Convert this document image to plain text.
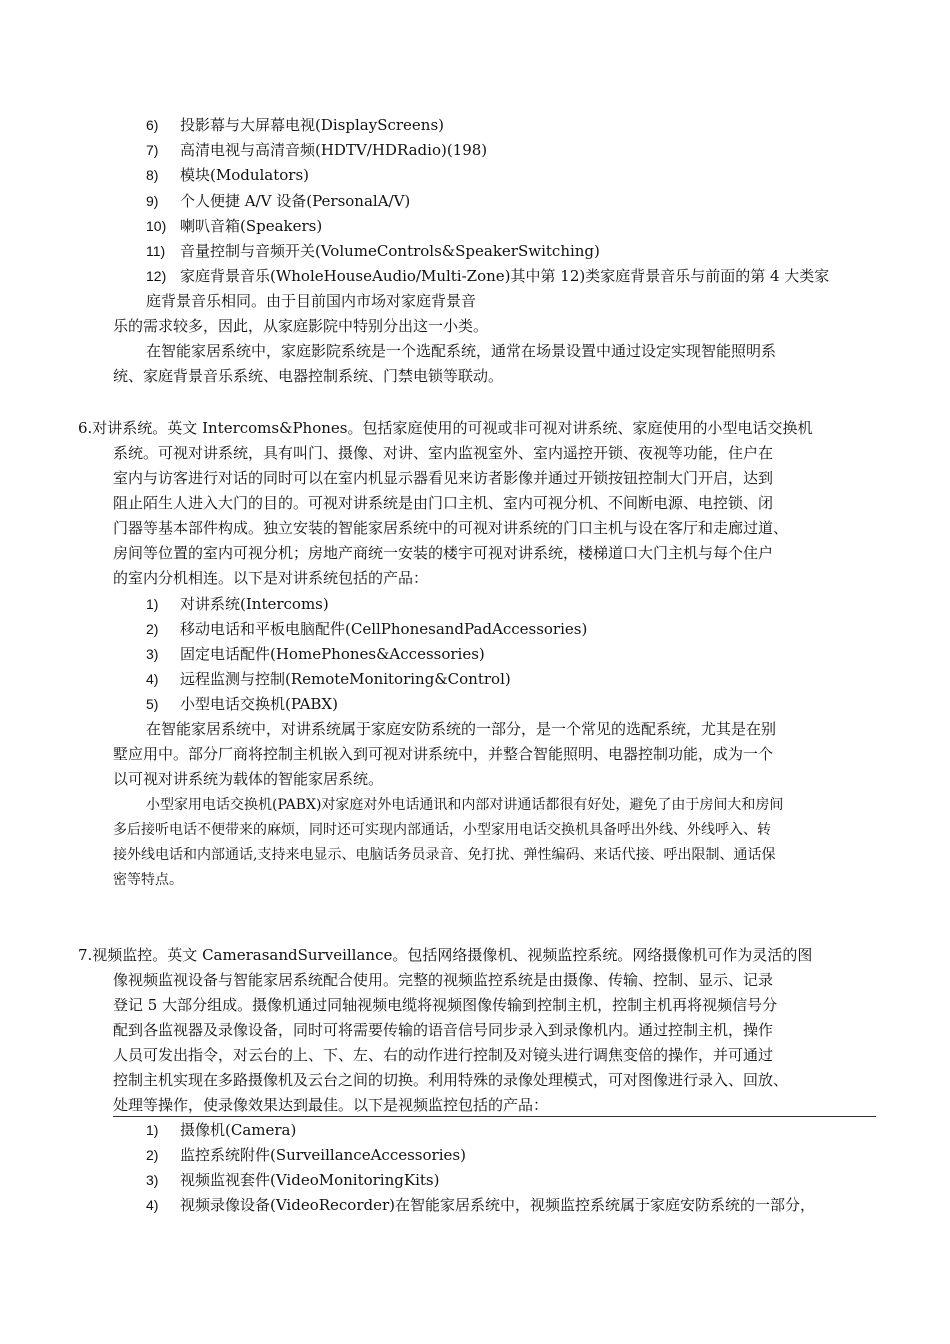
6) 投影幕与大屏幕电视(DisplayScreens)
7) 高清电视与高清音频(HDTV/HDRadio)(198)
8) 模块(Modulators)
9) 个人便捷 A/V 设备(PersonalA/V)
10) 喇叭音箱(Speakers)
11) 音量控制与音频开关(VolumeControls&SpeakerSwitching)
12) 家庭背景音乐(WholeHouseAudio/Multi-Zone)其中第 12)类家庭背景音乐与前面的第 4 大类家
庭背景音乐相同。由于目前国内市场对家庭背景音
乐的需求较多，因此，从家庭影院中特别分出这一小类。
在智能家居系统中，家庭影院系统是一个选配系统，通常在场景设置中通过设定实现智能照明系
统、家庭背景音乐系统、电器控制系统、门禁电锁等联动。
6.对讲系统。英文 Intercoms&Phones。包括家庭使用的可视或非可视对讲系统、家庭使用的小型电话交换机
系统。可视对讲系统，具有叫门、摄像、对讲、室内监视室外、室内遥控开锁、夜视等功能，住户在
室内与访客进行对话的同时可以在室内机显示器看见来访者影像并通过开锁按钮控制大门开启，达到
阻止陌生人进入大门的目的。可视对讲系统是由门口主机、室内可视分机、不间断电源、电控锁、闭
门器等基本部件构成。独立安装的智能家居系统中的可视对讲系统的门口主机与设在客厅和走廊过道、
房间等位置的室内可视分机；房地产商统一安装的楼宇可视对讲系统，楼梯道口大门主机与每个住户
的室内分机相连。以下是对讲系统包括的产品：
1) 对讲系统(Intercoms)
2) 移动电话和平板电脑配件(CellPhonesandPadAccessories)
3) 固定电话配件(HomePhones&Accessories)
4) 远程监测与控制(RemoteMonitoring&Control)
5) 小型电话交换机(PABX)
在智能家居系统中，对讲系统属于家庭安防系统的一部分，是一个常见的选配系统，尤其是在别
墅应用中。部分厂商将控制主机嵌入到可视对讲系统中，并整合智能照明、电器控制功能，成为一个
以可视对讲系统为载体的智能家居系统。
小型家用电话交换机(PABX)对家庭对外电话通讯和内部对讲通话都很有好处，避免了由于房间大和房间
多后接听电话不便带来的麻烦，同时还可实现内部通话，小型家用电话交换机具备呼出外线、外线呼入、转
接外线电话和内部通话,支持来电显示、电脑话务员录音、免打扰、弹性编码、来话代接、呼出限制、通话保
密等特点。
7.视频监控。英文 CamerasandSurveillance。包括网络摄像机、视频监控系统。网络摄像机可作为灵活的图
像视频监视设备与智能家居系统配合使用。完整的视频监控系统是由摄像、传输、控制、显示、记录
登记 5 大部分组成。摄像机通过同轴视频电缆将视频图像传输到控制主机，控制主机再将视频信号分
配到各监视器及录像设备，同时可将需要传输的语音信号同步录入到录像机内。通过控制主机，操作
人员可发出指令，对云台的上、下、左、右的动作进行控制及对镜头进行调焦变倍的操作，并可通过
控制主机实现在多路摄像机及云台之间的切换。利用特殊的录像处理模式，可对图像进行录入、回放、
处理等操作，使录像效果达到最佳。以下是视频监控包括的产品：
1) 摄像机(Camera)
2) 监控系统附件(SurveillanceAccessories)
3) 视频监视套件(VideoMonitoringKits)
4) 视频录像设备(VideoRecorder)在智能家居系统中，视频监控系统属于家庭安防系统的一部分，
